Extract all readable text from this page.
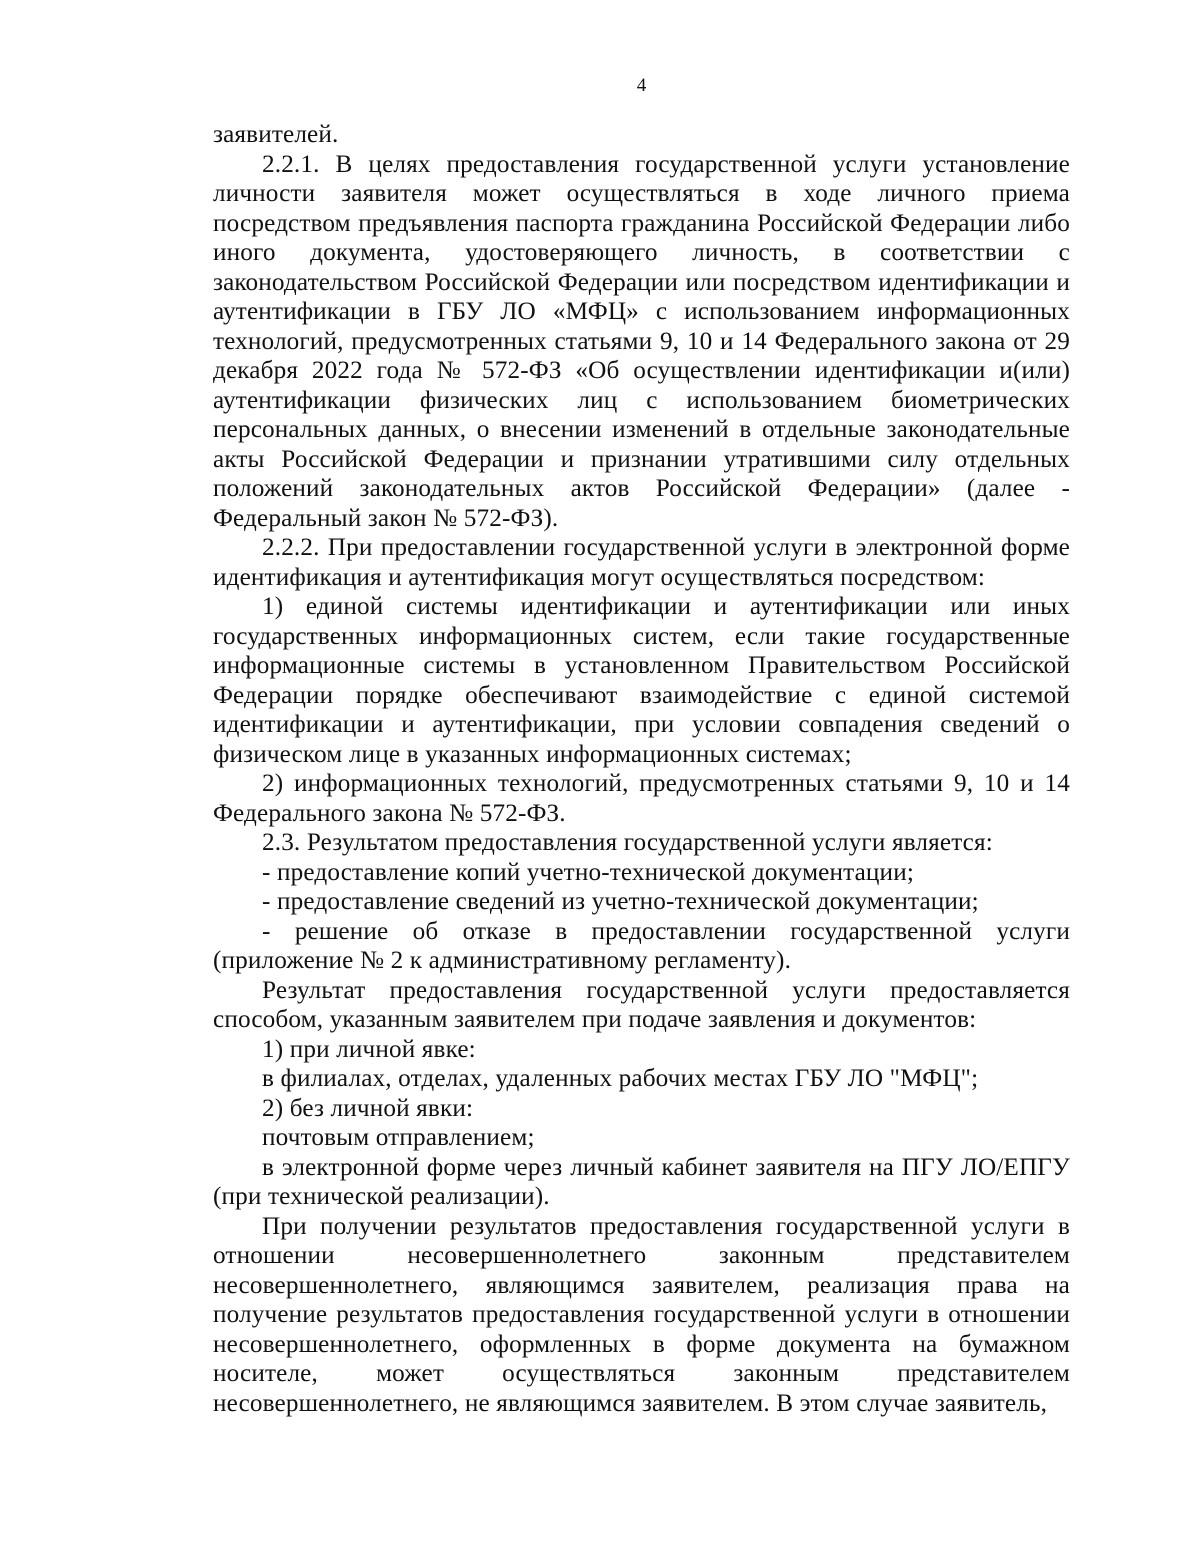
4

заявителей.

2.2.1. В целях предоставления государственной услуги установление личности заявителя может осуществляться в ходе личного приема посредством предъявления паспорта гражданина Российской Федерации либо иного документа, удостоверяющего личность, в соответствии с законодательством Российской Федерации или посредством идентификации и аутентификации в ГБУ ЛО «МФЦ» с использованием информационных технологий, предусмотренных статьями 9, 10 и 14 Федерального закона от 29 декабря 2022 года № 572-ФЗ «Об осуществлении идентификации и(или) аутентификации физических лиц с использованием биометрических персональных данных, о внесении изменений в отдельные законодательные акты Российской Федерации и признании утратившими силу отдельных положений законодательных актов Российской Федерации» (далее - Федеральный закон № 572-ФЗ).

2.2.2. При предоставлении государственной услуги в электронной форме идентификация и аутентификация могут осуществляться посредством:

1) единой системы идентификации и аутентификации или иных государственных информационных систем, если такие государственные информационные системы в установленном Правительством Российской Федерации порядке обеспечивают взаимодействие с единой системой идентификации и аутентификации, при условии совпадения сведений о физическом лице в указанных информационных системах;

2) информационных технологий, предусмотренных статьями 9, 10 и 14 Федерального закона № 572-ФЗ.

2.3. Результатом предоставления государственной услуги является:

- предоставление копий учетно-технической документации;

- предоставление сведений из учетно-технической документации;

- решение об отказе в предоставлении государственной услуги (приложение № 2 к административному регламенту).

Результат предоставления государственной услуги предоставляется способом, указанным заявителем при подаче заявления и документов:

1) при личной явке:

в филиалах, отделах, удаленных рабочих местах ГБУ ЛО "МФЦ";

2) без личной явки:

почтовым отправлением;

в электронной форме через личный кабинет заявителя на ПГУ ЛО/ЕПГУ (при технической реализации).

При получении результатов предоставления государственной услуги в отношении несовершеннолетнего законным представителем несовершеннолетнего, являющимся заявителем, реализация права на получение результатов предоставления государственной услуги в отношении несовершеннолетнего, оформленных в форме документа на бумажном носителе, может осуществляться законным представителем несовершеннолетнего, не являющимся заявителем. В этом случае заявитель,
